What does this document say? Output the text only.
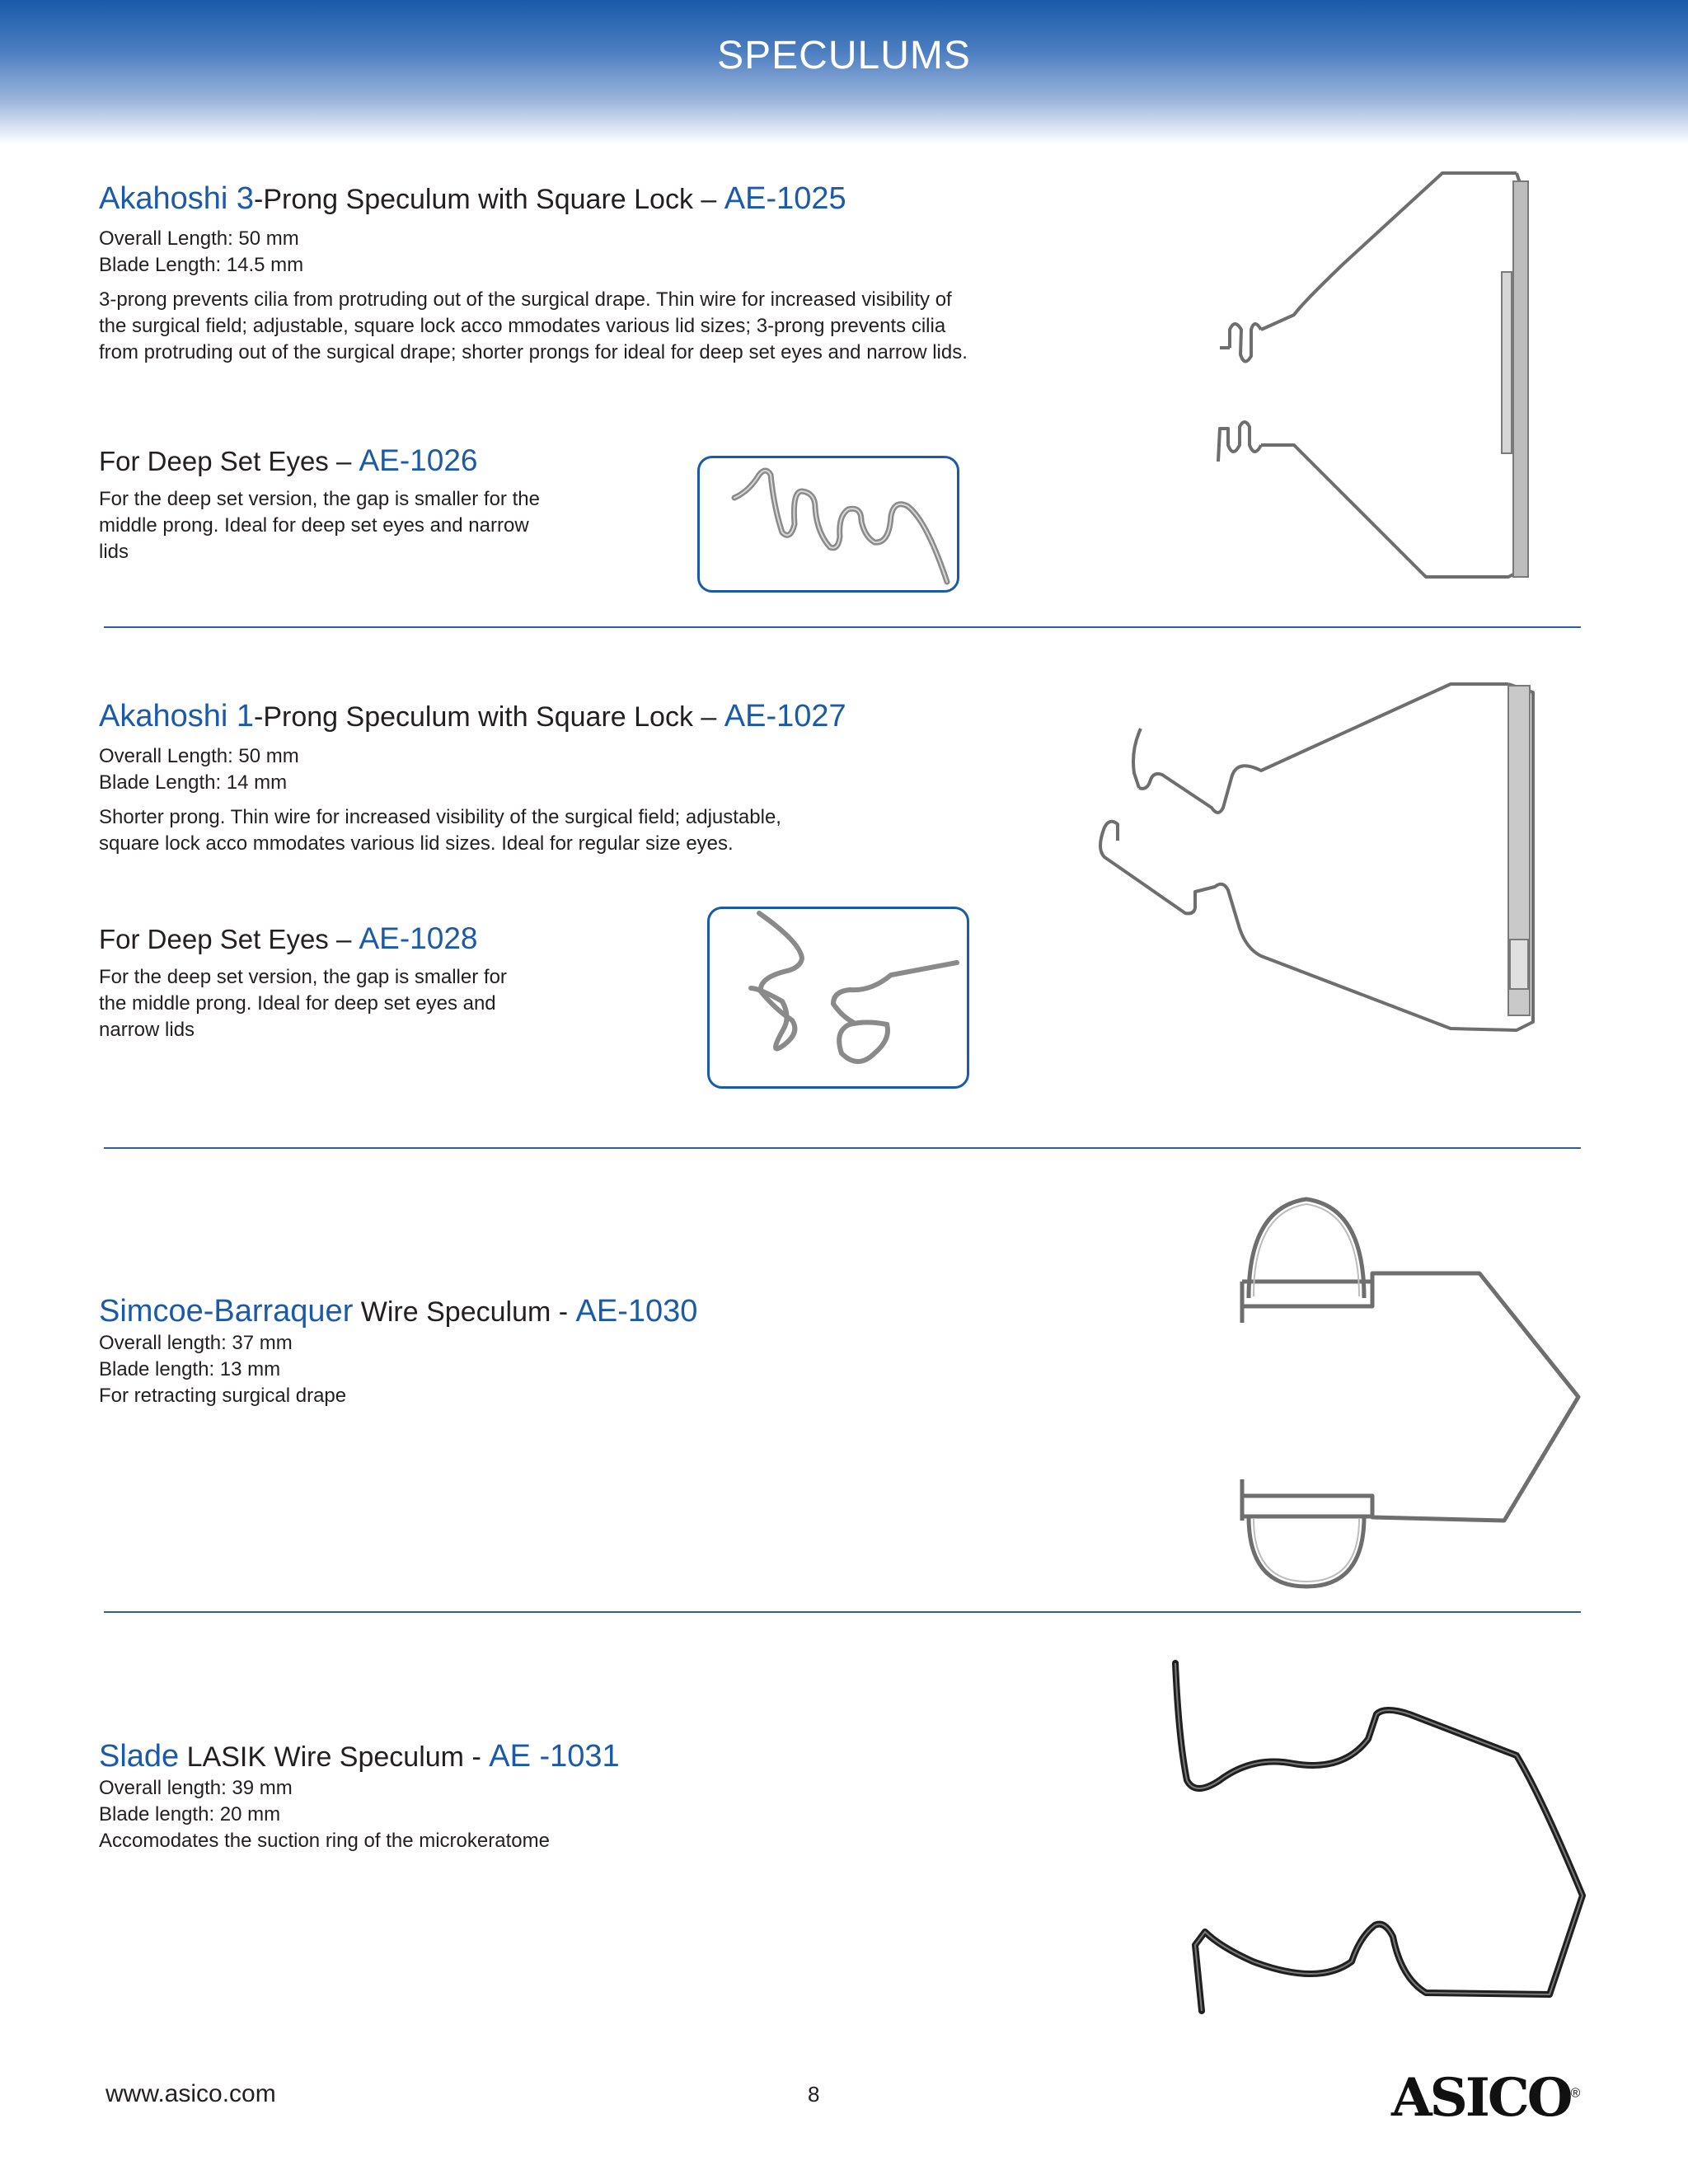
SPECULUMS
Akahoshi 3-Prong Speculum with Square Lock – AE-1025
Overall Length: 50 mm
Blade Length: 14.5 mm
3-prong prevents cilia from protruding out of the surgical drape. Thin wire for increased visibility of the surgical field; adjustable, square lock acco mmodates various lid sizes; 3-prong prevents cilia from protruding out of the surgical drape; shorter prongs for ideal for deep set eyes and narrow lids.
For Deep Set Eyes – AE-1026
For the deep set version, the gap is smaller for the middle prong. Ideal for deep set eyes and narrow lids
Akahoshi 1-Prong Speculum with Square Lock – AE-1027
Overall Length: 50 mm
Blade Length: 14 mm
Shorter prong. Thin wire for increased visibility of the surgical field; adjustable, square lock acco mmodates various lid sizes. Ideal for regular size eyes.
For Deep Set Eyes – AE-1028
For the deep set version, the gap is smaller for the middle prong. Ideal for deep set eyes and narrow lids
Simcoe-Barraquer Wire Speculum - AE-1030
Overall length: 37 mm
Blade length: 13 mm
For retracting surgical drape
Slade LASIK Wire Speculum - AE -1031
Overall length: 39 mm
Blade length: 20 mm
Accomodates the suction ring of the microkeratome
www.asico.com	8	ASICO®
